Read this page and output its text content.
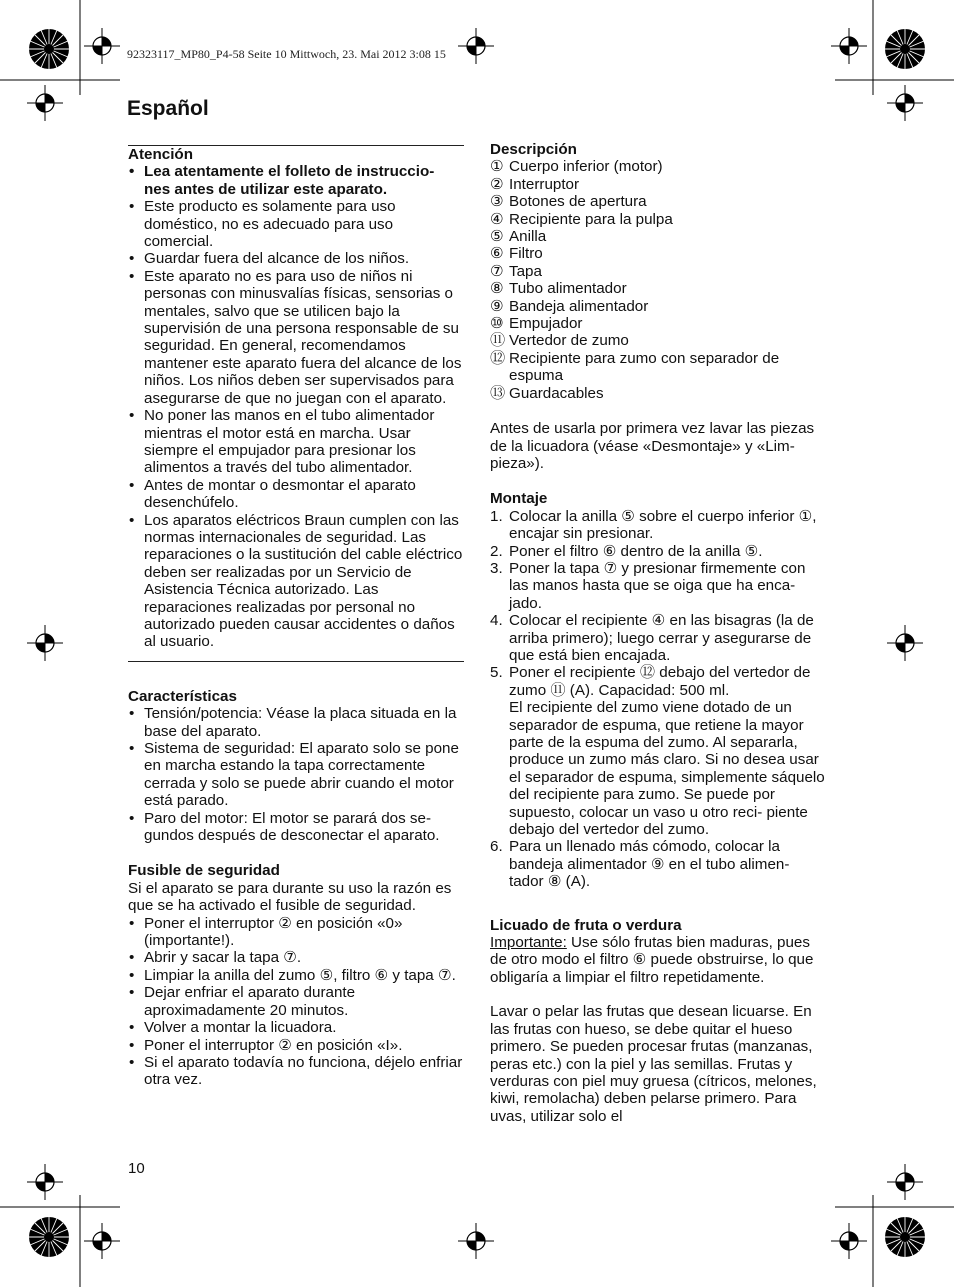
92323117_MP80_P4-58 Seite 10 Mittwoch, 23. Mai 2012 3:08 15
Español
Atención
• Lea atentamente el folleto de instruccio- nes antes de utilizar este aparato.
• Este producto es solamente para uso doméstico, no es adecuado para uso comercial.
• Guardar fuera del alcance de los niños.
• Este aparato no es para uso de niños ni personas con minusvalías físicas, sensorias o mentales, salvo que se utilicen bajo la supervisión de una persona responsable de su seguridad. En general, recomendamos mantener este aparato fuera del alcance de los niños. Los niños deben ser supervisados para asegurarse de que no juegan con el aparato.
• No poner las manos en el tubo alimentador mientras el motor está en marcha. Usar siempre el empujador para presionar los alimentos a través del tubo alimentador.
• Antes de montar o desmontar el aparato desenchúfelo.
• Los aparatos eléctricos Braun cumplen con las normas internacionales de seguridad. Las reparaciones o la sustitución del cable eléctrico deben ser realizadas por un Servicio de Asistencia Técnica autorizado. Las reparaciones realizadas por personal no autorizado pueden causar accidentes o daños al usuario.
Características
• Tensión/potencia: Véase la placa situada en la base del aparato.
• Sistema de seguridad: El aparato solo se pone en marcha estando la tapa correctamente cerrada y solo se puede abrir cuando el motor está parado.
• Paro del motor: El motor se parará dos se- gundos después de desconectar el aparato.
Fusible de seguridad
Si el aparato se para durante su uso la razón es que se ha activado el fusible de seguridad.
• Poner el interruptor ② en posición «0» (importante!).
• Abrir y sacar la tapa ⑦.
• Limpiar la anilla del zumo ⑤, filtro ⑥ y tapa ⑦.
• Dejar enfriar el aparato durante aproximadamente 20 minutos.
• Volver a montar la licuadora.
• Poner el interruptor ② en posición «I».
• Si el aparato todavía no funciona, déjelo enfriar otra vez.
Descripción
① Cuerpo inferior (motor)
② Interruptor
③ Botones de apertura
④ Recipiente para la pulpa
⑤ Anilla
⑥ Filtro
⑦ Tapa
⑧ Tubo alimentador
⑨ Bandeja alimentador
⑩ Empujador
⑪ Vertedor de zumo
⑫ Recipiente para zumo con separador de espuma
⑬ Guardacables
Antes de usarla por primera vez lavar las piezas de la licuadora (véase «Desmontaje» y «Lim- pieza»).
Montaje
1. Colocar la anilla ⑤ sobre el cuerpo inferior ①, encajar sin presionar.
2. Poner el filtro ⑥ dentro de la anilla ⑤.
3. Poner la tapa ⑦ y presionar firmemente con las manos hasta que se oiga que ha enca- jado.
4. Colocar el recipiente ④ en las bisagras (la de arriba primero); luego cerrar y asegurarse de que está bien encajada.
5. Poner el recipiente ⑫ debajo del vertedor de zumo ⑪ (A). Capacidad: 500 ml.
El recipiente del zumo viene dotado de un separador de espuma, que retiene la mayor parte de la espuma del zumo. Al separarla, produce un zumo más claro. Si no desea usar el separador de espuma, simplemente sáquelo del recipiente para zumo. Se puede por supuesto, colocar un vaso u otro reci- piente debajo del vertedor del zumo.
6. Para un llenado más cómodo, colocar la bandeja alimentador ⑨ en el tubo alimen- tador ⑧ (A).
Licuado de fruta o verdura
Importante: Use sólo frutas bien maduras, pues de otro modo el filtro ⑥ puede obstruirse, lo que obligaría a limpiar el filtro repetidamente.
Lavar o pelar las frutas que desean licuarse. En las frutas con hueso, se debe quitar el hueso primero. Se pueden procesar frutas (manzanas, peras etc.) con la piel y las semillas. Frutas y verduras con piel muy gruesa (cítricos, melones, kiwi, remolacha) deben pelarse primero. Para uvas, utilizar solo el
10
